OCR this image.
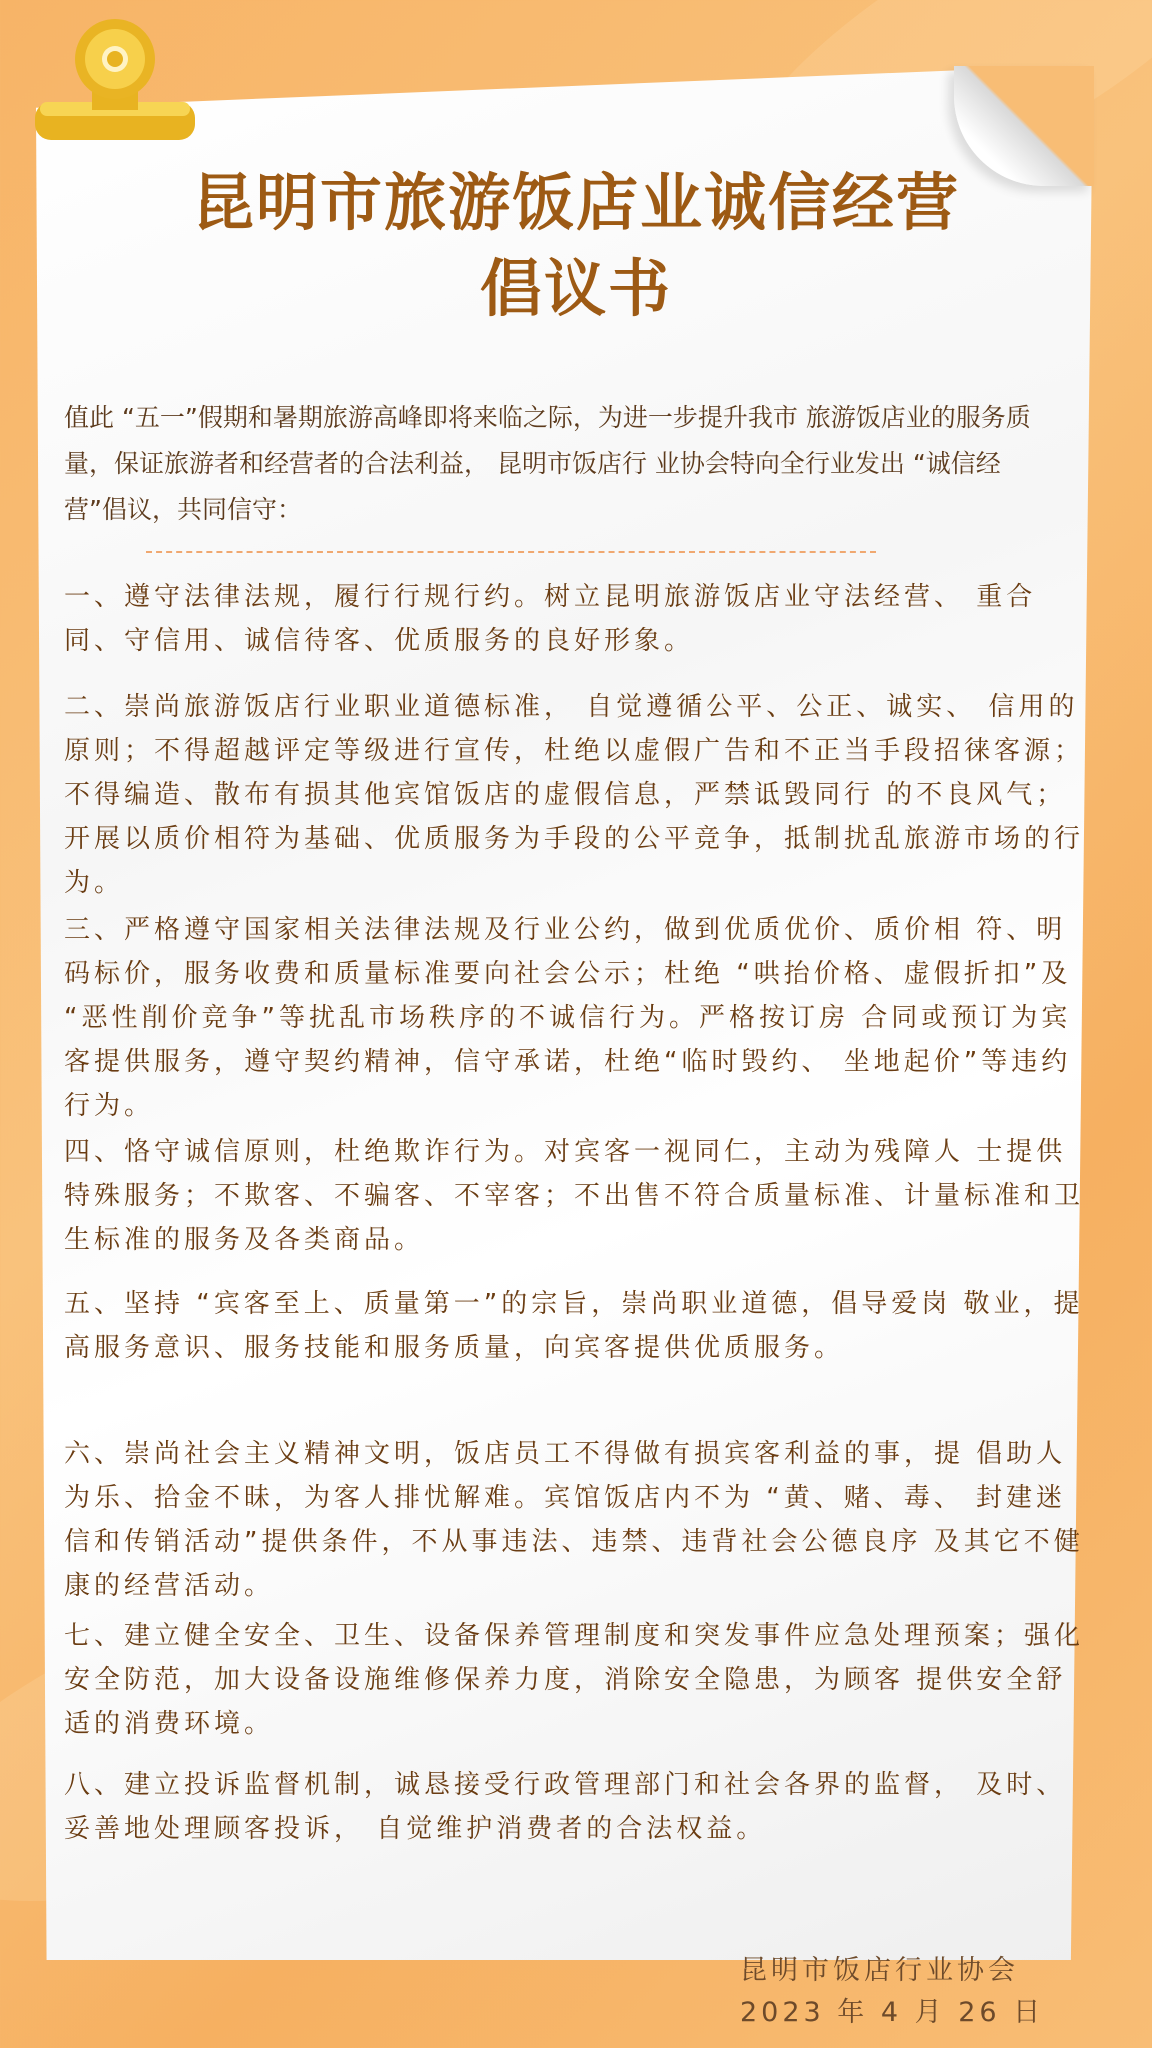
昆明市旅游饭店业诚信经营
倡议书
值此 “五一”假期和暑期旅游高峰即将来临之际，为进一步提升我市 旅游饭店业的服务质量，保证旅游者和经营者的合法利益， 昆明市饭店行 业协会特向全行业发出 “诚信经营”倡议，共同信守：
一、遵守法律法规，履行行规行约。树立昆明旅游饭店业守法经营、 重合同、守信用、诚信待客、优质服务的良好形象。
二、崇尚旅游饭店行业职业道德标准， 自觉遵循公平、公正、诚实、 信用的原则；不得超越评定等级进行宣传，杜绝以虚假广告和不正当手段招徕客源；不得编造、散布有损其他宾馆饭店的虚假信息，严禁诋毁同行 的不良风气；开展以质价相符为基础、优质服务为手段的公平竞争，抵制扰乱旅游市场的行为。
三、严格遵守国家相关法律法规及行业公约，做到优质优价、质价相 符、明码标价，服务收费和质量标准要向社会公示；杜绝 “哄抬价格、虚假折扣”及 “恶性削价竞争”等扰乱市场秩序的不诚信行为。严格按订房 合同或预订为宾客提供服务，遵守契约精神，信守承诺，杜绝“临时毁约、 坐地起价”等违约行为。
四、恪守诚信原则，杜绝欺诈行为。对宾客一视同仁，主动为残障人 士提供特殊服务；不欺客、不骗客、不宰客；不出售不符合质量标准、计量标准和卫生标准的服务及各类商品。
五、坚持 “宾客至上、质量第一”的宗旨，崇尚职业道德，倡导爱岗 敬业，提高服务意识、服务技能和服务质量，向宾客提供优质服务。
六、崇尚社会主义精神文明，饭店员工不得做有损宾客利益的事，提 倡助人为乐、拾金不昧，为客人排忧解难。宾馆饭店内不为 “黄、赌、毒、 封建迷信和传销活动”提供条件，不从事违法、违禁、违背社会公德良序 及其它不健康的经营活动。
七、建立健全安全、卫生、设备保养管理制度和突发事件应急处理预案；强化安全防范，加大设备设施维修保养力度，消除安全隐患，为顾客 提供安全舒适的消费环境。
八、建立投诉监督机制，诚恳接受行政管理部门和社会各界的监督， 及时、妥善地处理顾客投诉， 自觉维护消费者的合法权益。
昆明市饭店行业协会
2023 年 4 月 26 日
